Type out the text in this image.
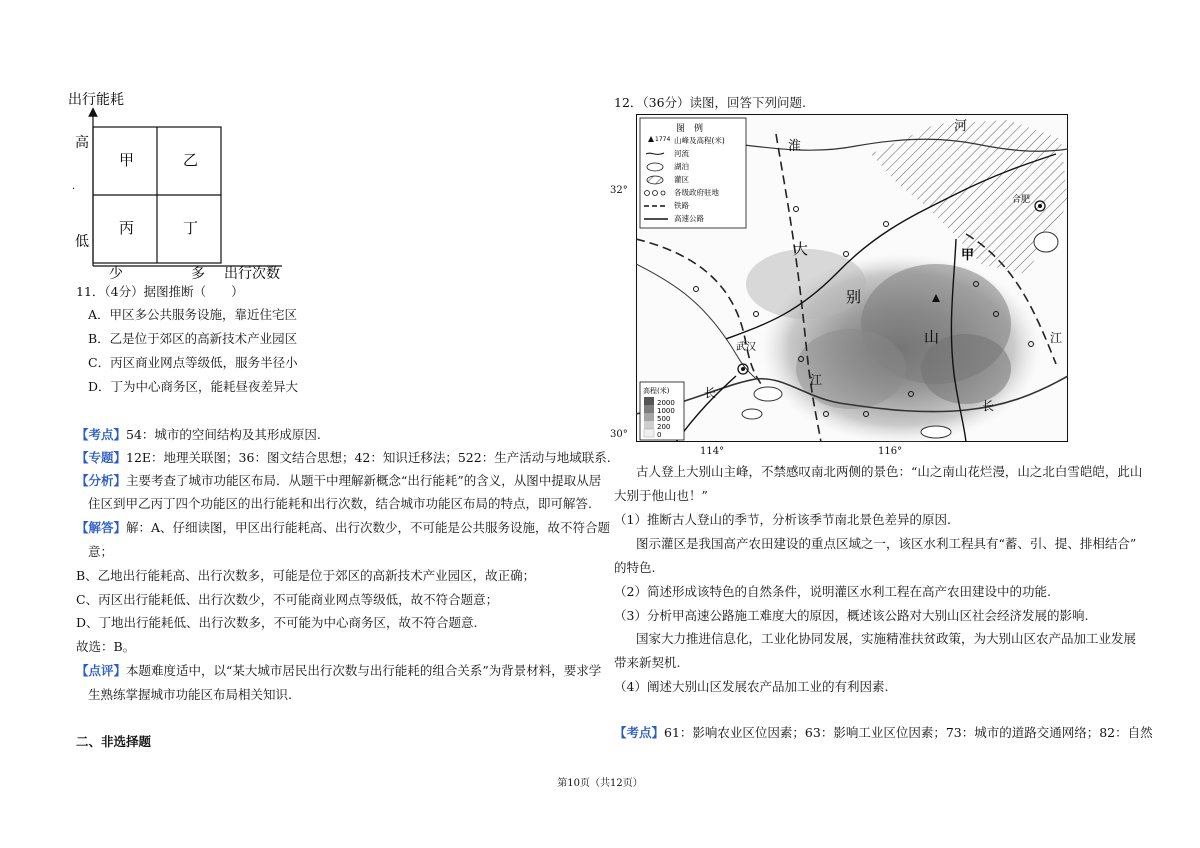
出行能耗
高
·
低
甲	乙
丙	丁
少	多 出行次数
11．（4分）据图推断（　　）
A．甲区多公共服务设施，靠近住宅区
B．乙是位于郊区的高新技术产业园区
C．丙区商业网点等级低，服务半径小
D．丁为中心商务区，能耗昼夜差异大
【考点】54：城市的空间结构及其形成原因.
【专题】12E：地理关联图；36：图文结合思想；42：知识迁移法；522：生产活动与地域联系.
【分析】主要考查了城市功能区布局．从题干中理解新概念“出行能耗”的含义，从图中提取从居
住区到甲乙丙丁四个功能区的出行能耗和出行次数，结合城市功能区布局的特点，即可解答.
【解答】解：A、仔细读图，甲区出行能耗高、出行次数少，不可能是公共服务设施，故不符合题
意；
B、乙地出行能耗高、出行次数多，可能是位于郊区的高新技术产业园区，故正确；
C、丙区出行能耗低、出行次数少，不可能商业网点等级低，故不符合题意；
D、丁地出行能耗低、出行次数多，不可能为中心商务区，故不符合题意.
故选：B。
【点评】本题难度适中，以“某大城市居民出行次数与出行能耗的组合关系”为背景材料，要求学
生熟练掌握城市功能区布局相关知识.
二、非选择题
12．（36分）读图，回答下列问题.
图　例
1774 山峰及高程(米)
河流
湖泊
灌区
各级政府驻地
铁路
高速公路
高程(米)
2000
1000
500
200
0
淮
河
大
别
山
甲
武汉
合肥
长
江
江
长
32°
30°
114°	116°
古人登上大别山主峰，不禁感叹南北两侧的景色：“山之南山花烂漫，山之北白雪皑皑，此山
大别于他山也！”
（1）推断古人登山的季节，分析该季节南北景色差异的原因.
图示灌区是我国高产农田建设的重点区域之一，该区水利工程具有“蓄、引、提、排相结合”
的特色.
（2）简述形成该特色的自然条件，说明灌区水利工程在高产农田建设中的功能.
（3）分析甲高速公路施工难度大的原因，概述该公路对大别山区社会经济发展的影响.
国家大力推进信息化，工业化协同发展，实施精准扶贫政策，为大别山区农产品加工业发展
带来新契机.
（4）阐述大别山区发展农产品加工业的有利因素.
【考点】61：影响农业区位因素；63：影响工业区位因素；73：城市的道路交通网络；82：自然
第10页（共12页）
